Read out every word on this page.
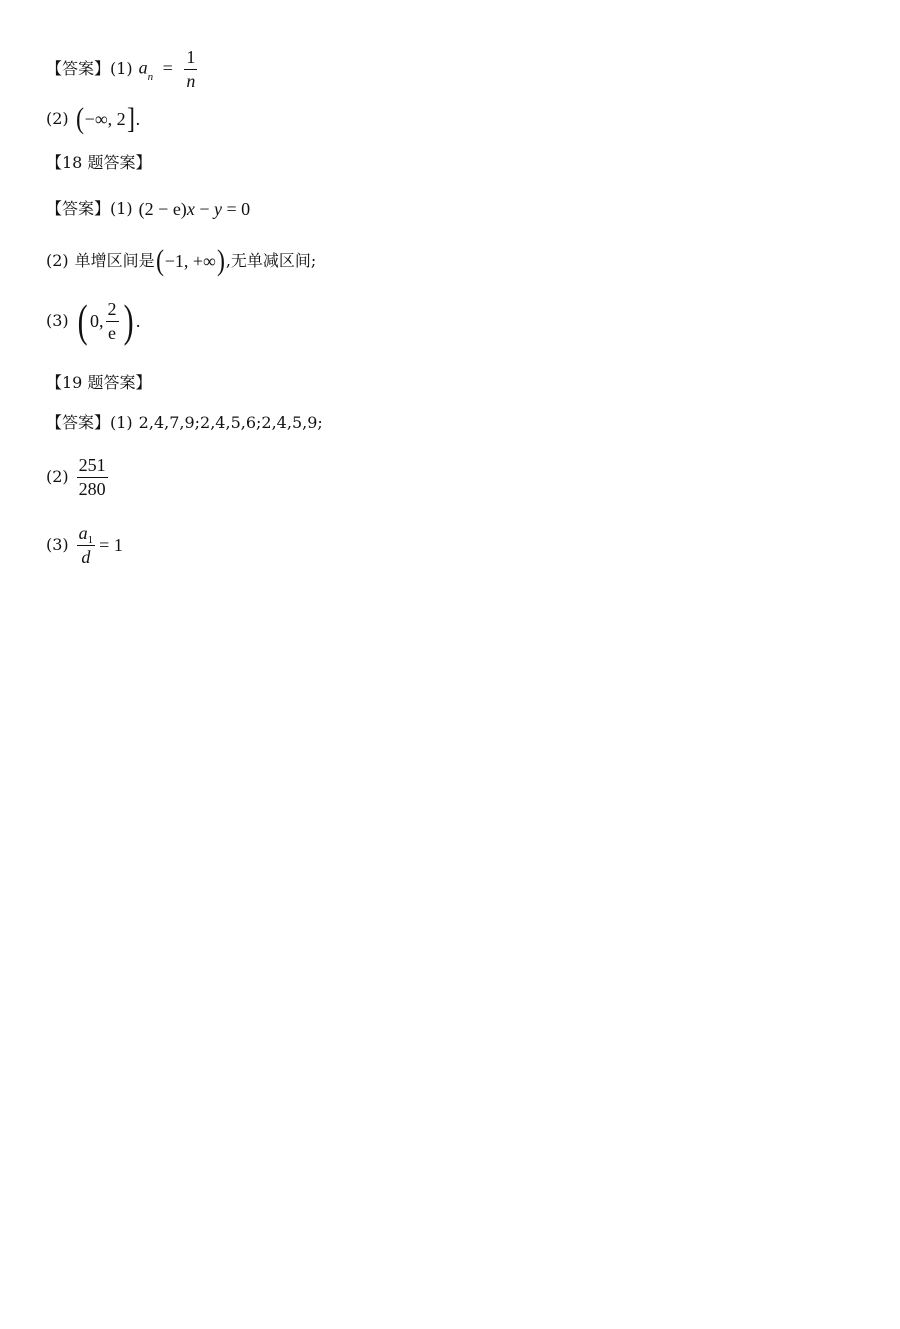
【答案】(1) $a_n = \frac{1}{n}$
(2) ( −∞, 2 ] .
【18 题答案】
【答案】(1) (2 − e)x − y = 0
(2) 单增区间是 ( −1, +∞ ) ,无单减区间;
(3) ( 0, $\frac{2}{e}$ ) .
【19 题答案】
【答案】(1) 2,4,7,9;2,4,5,6;2,4,5,9;
$(2) \frac{251}{280}$
$(3) \frac{a_1}{d} = 1$
